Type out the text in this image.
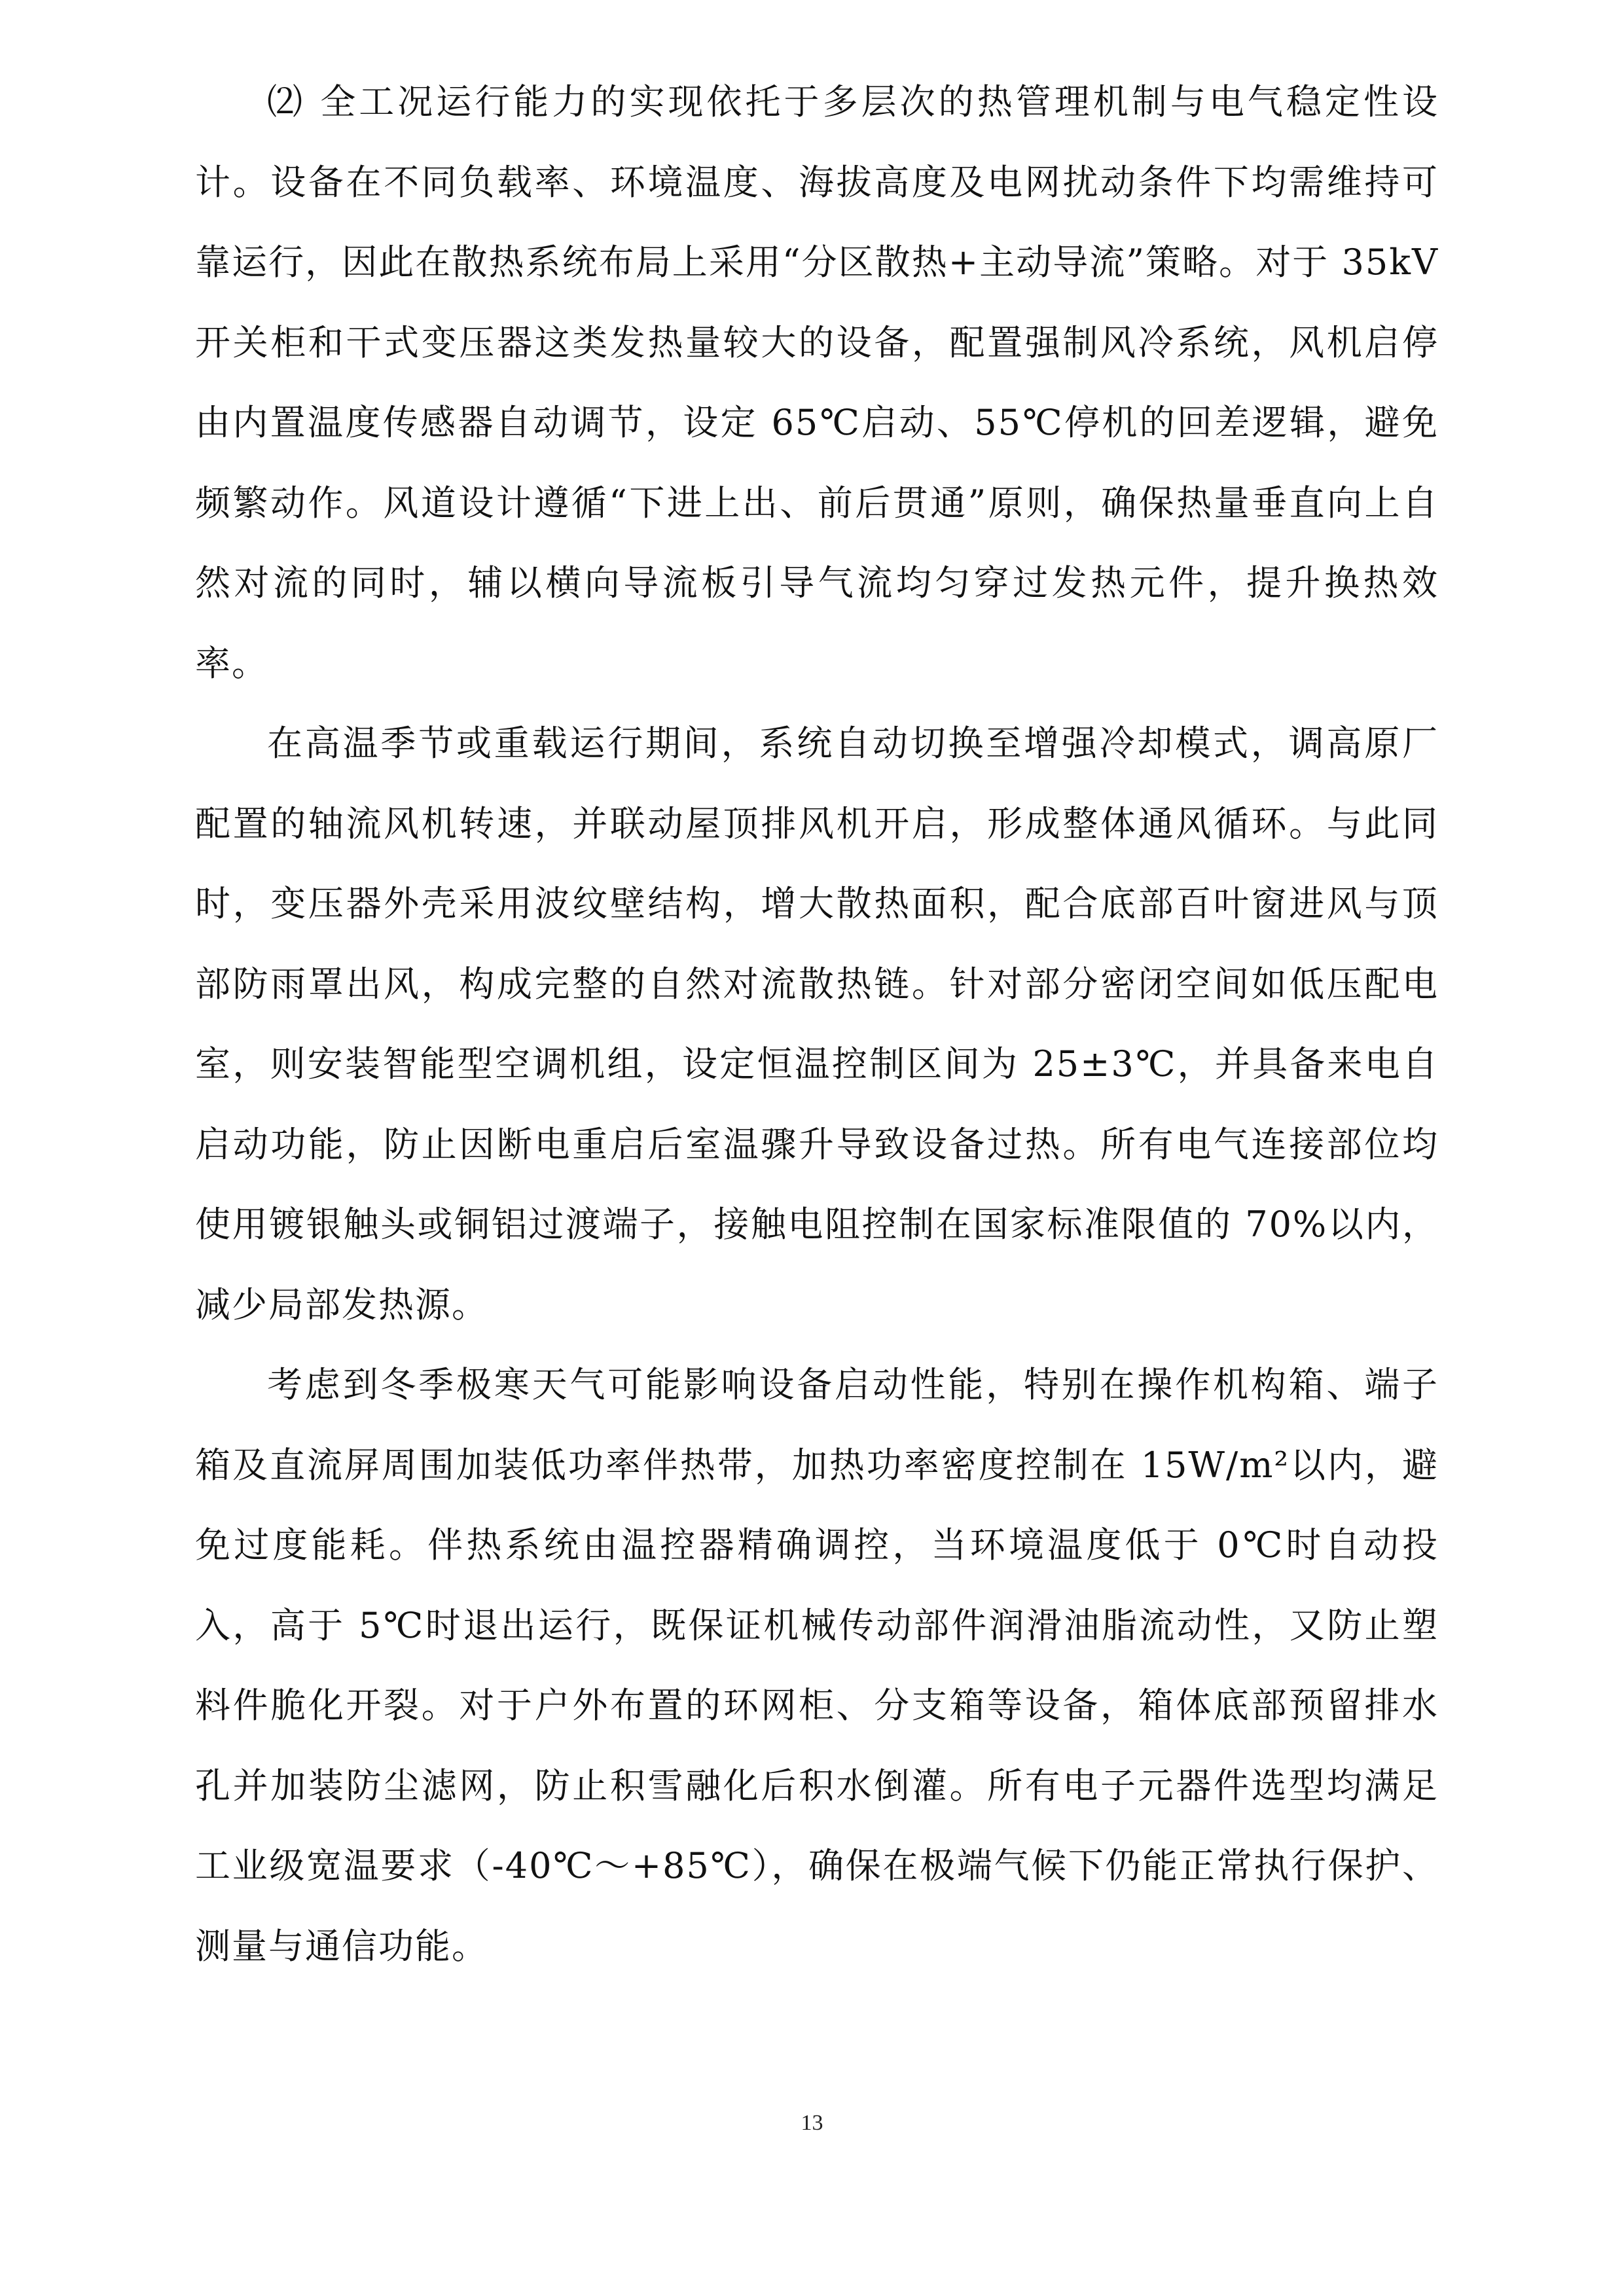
⑵ 全工况运行能力的实现依托于多层次的热管理机制与电气稳定性设计。设备在不同负载率、环境温度、海拔高度及电网扰动条件下均需维持可靠运行，因此在散热系统布局上采用“分区散热+主动导流”策略。对于 35kV 开关柜和干式变压器这类发热量较大的设备，配置强制风冷系统，风机启停由内置温度传感器自动调节，设定 65℃启动、55℃停机的回差逻辑，避免频繁动作。风道设计遵循“下进上出、前后贯通”原则，确保热量垂直向上自然对流的同时，辅以横向导流板引导气流均匀穿过发热元件，提升换热效率。

在高温季节或重载运行期间，系统自动切换至增强冷却模式，调高原厂配置的轴流风机转速，并联动屋顶排风机开启，形成整体通风循环。与此同时，变压器外壳采用波纹壁结构，增大散热面积，配合底部百叶窗进风与顶部防雨罩出风，构成完整的自然对流散热链。针对部分密闭空间如低压配电室，则安装智能型空调机组，设定恒温控制区间为 25±3℃，并具备来电自启动功能，防止因断电重启后室温骤升导致设备过热。所有电气连接部位均使用镀银触头或铜铝过渡端子，接触电阻控制在国家标准限值的 70%以内，减少局部发热源。

考虑到冬季极寒天气可能影响设备启动性能，特别在操作机构箱、端子箱及直流屏周围加装低功率伴热带，加热功率密度控制在 15W/m²以内，避免过度能耗。伴热系统由温控器精确调控，当环境温度低于 0℃时自动投入，高于 5℃时退出运行，既保证机械传动部件润滑油脂流动性，又防止塑料件脆化开裂。对于户外布置的环网柜、分支箱等设备，箱体底部预留排水孔并加装防尘滤网，防止积雪融化后积水倒灌。所有电子元器件选型均满足工业级宽温要求（-40℃～+85℃），确保在极端气候下仍能正常执行保护、测量与通信功能。

13
